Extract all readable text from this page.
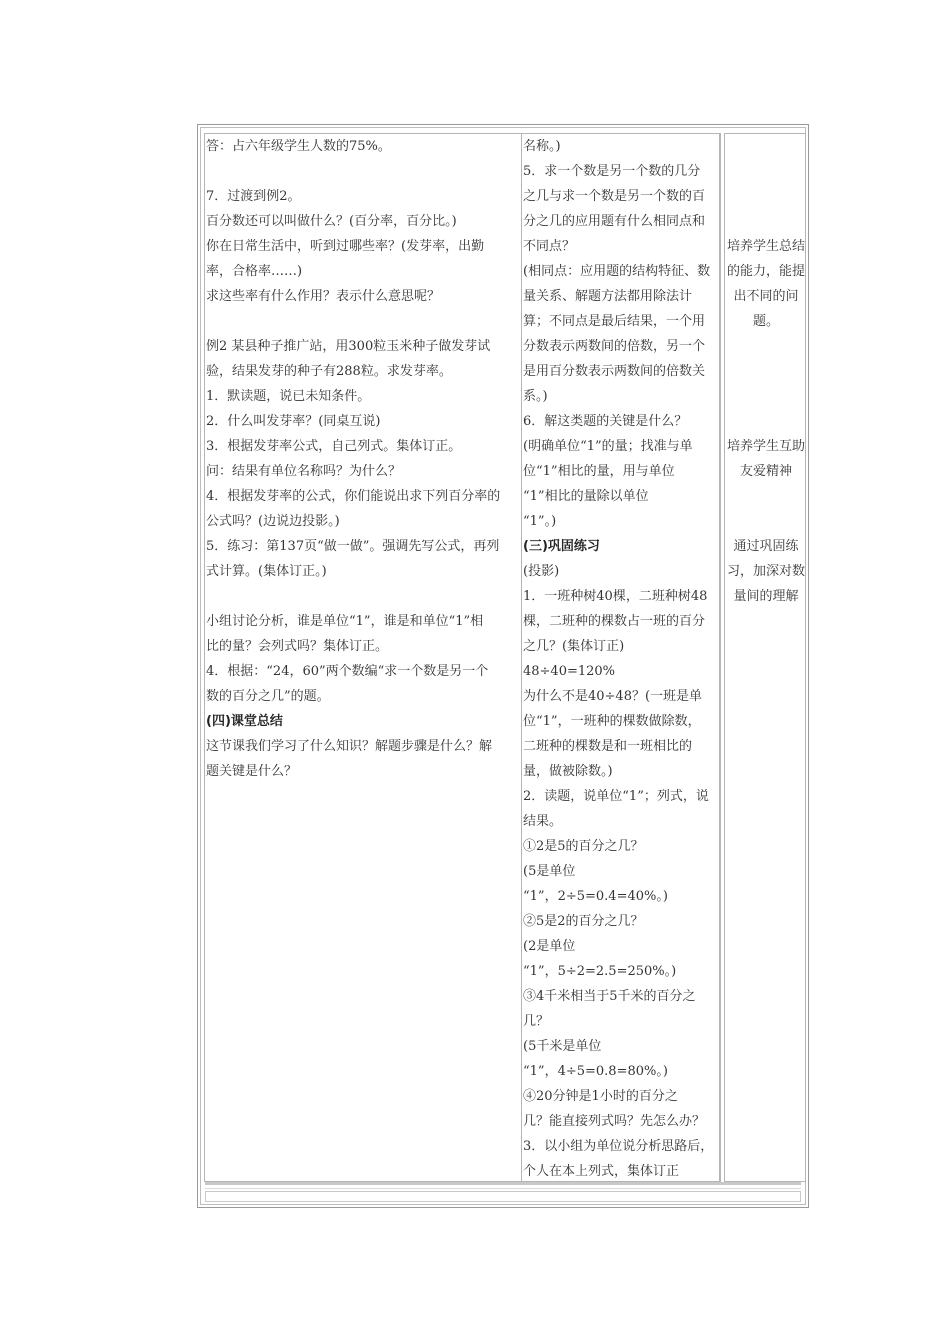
答：占六年级学生人数的75%。
7．过渡到例2。
百分数还可以叫做什么？(百分率，百分比。)
你在日常生活中，听到过哪些率？(发芽率，出勤
率，合格率……)
求这些率有什么作用？表示什么意思呢？
例2 某县种子推广站，用300粒玉米种子做发芽试
验，结果发芽的种子有288粒。求发芽率。
1．默读题，说已未知条件。
2．什么叫发芽率？(同桌互说)
3．根据发芽率公式，自己列式。集体订正。
问：结果有单位名称吗？为什么？
4．根据发芽率的公式，你们能说出求下列百分率的
公式吗？(边说边投影。)
5．练习：第137页“做一做”。强调先写公式，再列
式计算。(集体订正。)
小组讨论分析，谁是单位“1”，谁是和单位“1”相
比的量？会列式吗？集体订正。
4．根据：“24，60”两个数编“求一个数是另一个
数的百分之几”的题。
(四)课堂总结
这节课我们学习了什么知识？解题步骤是什么？解
题关键是什么？
名称。)
5．求一个数是另一个数的几分
之几与求一个数是另一个数的百
分之几的应用题有什么相同点和
不同点？
(相同点：应用题的结构特征、数
量关系、解题方法都用除法计
算；不同点是最后结果，一个用
分数表示两数间的倍数，另一个
是用百分数表示两数间的倍数关
系。)
6．解这类题的关键是什么？
(明确单位“1”的量；找准与单
位“1”相比的量，用与单位
“1”相比的量除以单位
“1”。)
(三)巩固练习
(投影)
1．一班种树40棵，二班种树48
棵，二班种的棵数占一班的百分
之几？(集体订正)
48÷40=120%
为什么不是40÷48？(一班是单
位“1”，一班种的棵数做除数，
二班种的棵数是和一班相比的
量，做被除数。)
2．读题，说单位“1”；列式，说
结果。
①2是5的百分之几？
(5是单位
“1”，2÷5=0.4=40%。)
②5是2的百分之几？
(2是单位
“1”，5÷2=2.5=250%。)
③4千米相当于5千米的百分之
几？
(5千米是单位
“1”，4÷5=0.8=80%。)
④20分钟是1小时的百分之
几？能直接列式吗？先怎么办？
3．以小组为单位说分析思路后，
个人在本上列式，集体订正
培养学生总结
的能力，能提
出不同的问
题。
培养学生互助
友爱精神
通过巩固练
习，加深对数
量间的理解
